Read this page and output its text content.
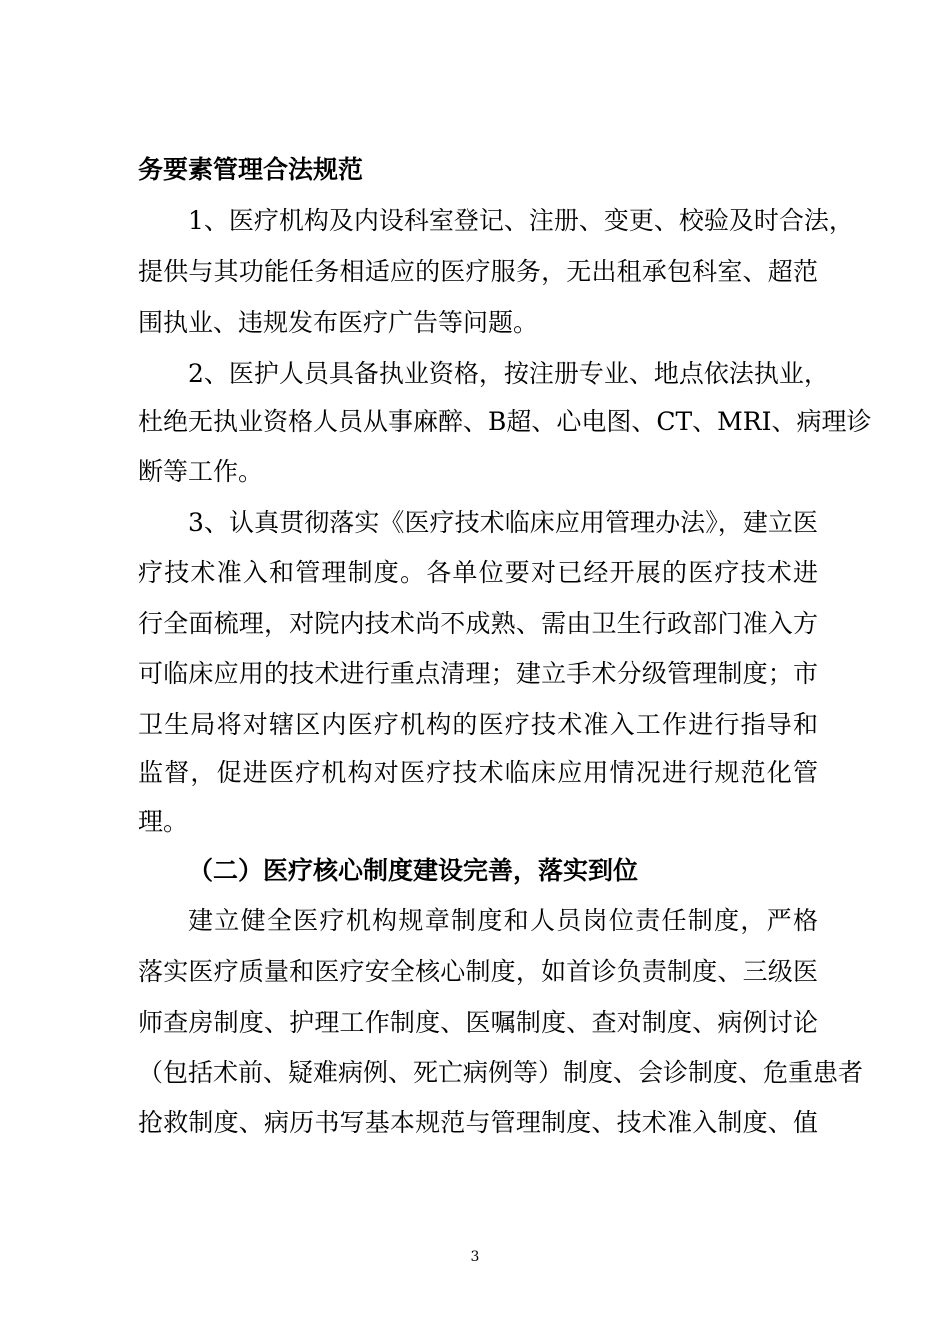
务要素管理合法规范
1、医疗机构及内设科室登记、注册、变更、校验及时合法，
提供与其功能任务相适应的医疗服务，无出租承包科室、超范
围执业、违规发布医疗广告等问题。
2、医护人员具备执业资格，按注册专业、地点依法执业，
杜绝无执业资格人员从事麻醉、B超、心电图、CT、MRI、病理诊
断等工作。
3、认真贯彻落实《医疗技术临床应用管理办法》，建立医
疗技术准入和管理制度。各单位要对已经开展的医疗技术进
行全面梳理，对院内技术尚不成熟、需由卫生行政部门准入方
可临床应用的技术进行重点清理；建立手术分级管理制度；市
卫生局将对辖区内医疗机构的医疗技术准入工作进行指导和
监督，促进医疗机构对医疗技术临床应用情况进行规范化管
理。
（二）医疗核心制度建设完善，落实到位
建立健全医疗机构规章制度和人员岗位责任制度，严格
落实医疗质量和医疗安全核心制度，如首诊负责制度、三级医
师查房制度、护理工作制度、医嘱制度、查对制度、病例讨论
（包括术前、疑难病例、死亡病例等）制度、会诊制度、危重患者
抢救制度、病历书写基本规范与管理制度、技术准入制度、值
3
